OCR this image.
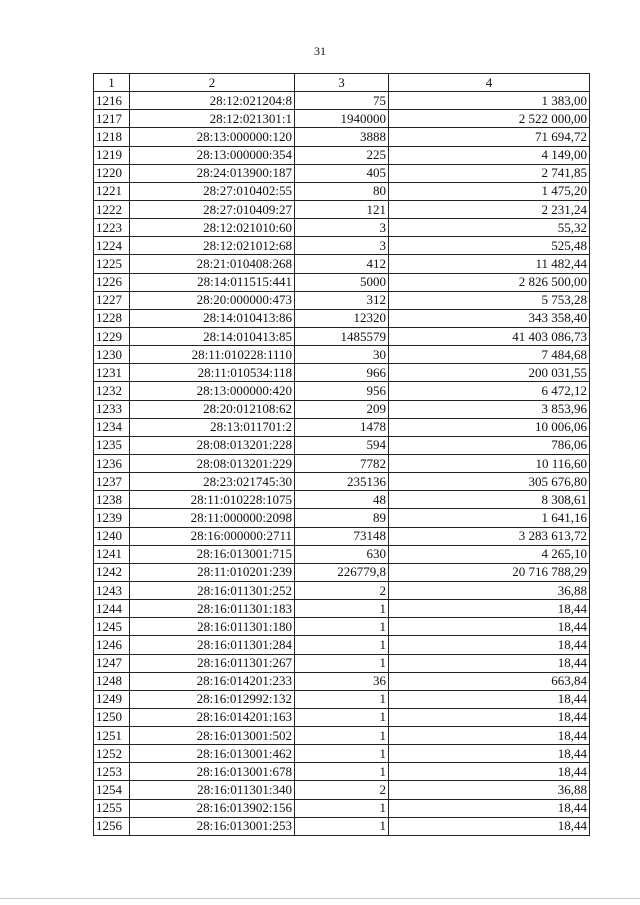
31
1	2	3	4
1216	28:12:021204:8	75	1 383,00
1217	28:12:021301:1	1940000	2 522 000,00
1218	28:13:000000:120	3888	71 694,72
1219	28:13:000000:354	225	4 149,00
1220	28:24:013900:187	405	2 741,85
1221	28:27:010402:55	80	1 475,20
1222	28:27:010409:27	121	2 231,24
1223	28:12:021010:60	3	55,32
1224	28:12:021012:68	3	525,48
1225	28:21:010408:268	412	11 482,44
1226	28:14:011515:441	5000	2 826 500,00
1227	28:20:000000:473	312	5 753,28
1228	28:14:010413:86	12320	343 358,40
1229	28:14:010413:85	1485579	41 403 086,73
1230	28:11:010228:1110	30	7 484,68
1231	28:11:010534:118	966	200 031,55
1232	28:13:000000:420	956	6 472,12
1233	28:20:012108:62	209	3 853,96
1234	28:13:011701:2	1478	10 006,06
1235	28:08:013201:228	594	786,06
1236	28:08:013201:229	7782	10 116,60
1237	28:23:021745:30	235136	305 676,80
1238	28:11:010228:1075	48	8 308,61
1239	28:11:000000:2098	89	1 641,16
1240	28:16:000000:2711	73148	3 283 613,72
1241	28:16:013001:715	630	4 265,10
1242	28:11:010201:239	226779,8	20 716 788,29
1243	28:16:011301:252	2	36,88
1244	28:16:011301:183	1	18,44
1245	28:16:011301:180	1	18,44
1246	28:16:011301:284	1	18,44
1247	28:16:011301:267	1	18,44
1248	28:16:014201:233	36	663,84
1249	28:16:012992:132	1	18,44
1250	28:16:014201:163	1	18,44
1251	28:16:013001:502	1	18,44
1252	28:16:013001:462	1	18,44
1253	28:16:013001:678	1	18,44
1254	28:16:011301:340	2	36,88
1255	28:16:013902:156	1	18,44
1256	28:16:013001:253	1	18,44
